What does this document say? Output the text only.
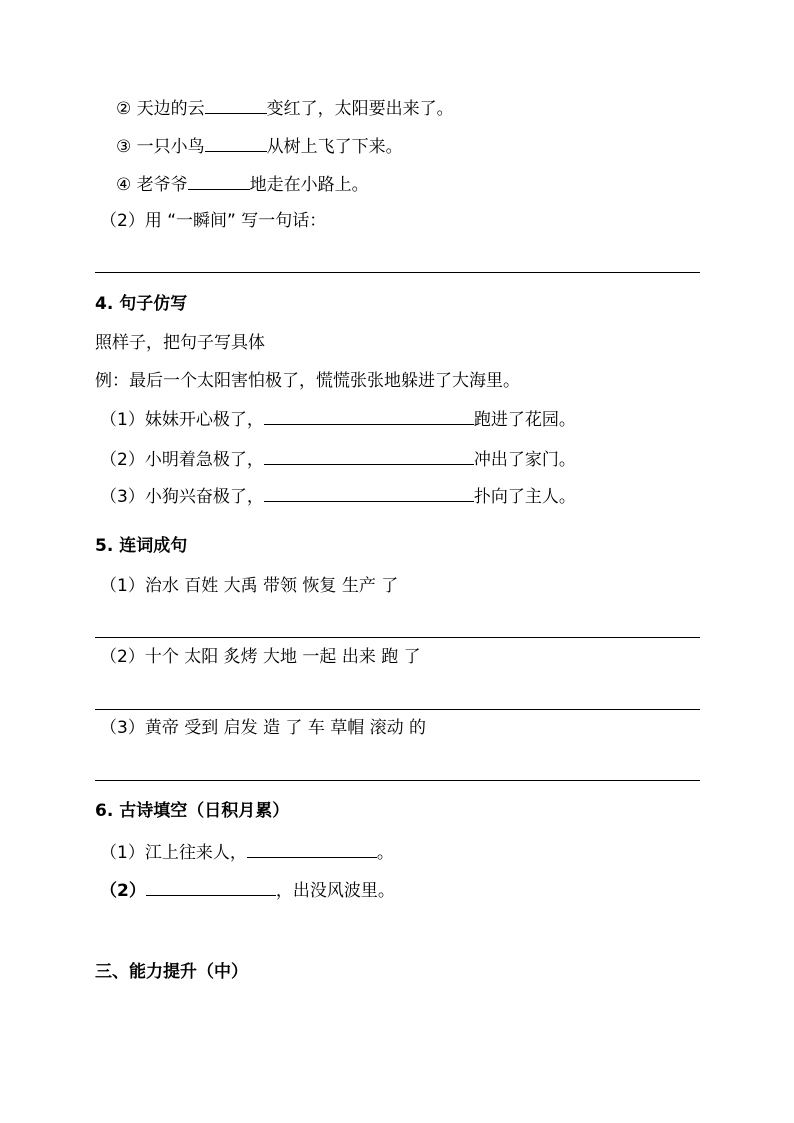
② 天边的云	变红了，太阳要出来了。
③ 一只小鸟	从树上飞了下来。
④ 老爷爷	地走在小路上。
（2）用 “一瞬间” 写一句话：
4. 句子仿写
照样子，把句子写具体
例：最后一个太阳害怕极了，慌慌张张地躲进了大海里。
（1）妹妹开心极了，	跑进了花园。
（2）小明着急极了，	冲出了家门。
（3）小狗兴奋极了，	扑向了主人。
5. 连词成句
（1）治水 百姓 大禹 带领 恢复 生产 了
（2）十个 太阳 炙烤 大地 一起 出来 跑 了
（3）黄帝 受到 启发 造 了 车 草帽 滚动 的
6. 古诗填空（日积月累）
（1）江上往来人，	。
（2）	，出没风波里。
三、能力提升（中）
